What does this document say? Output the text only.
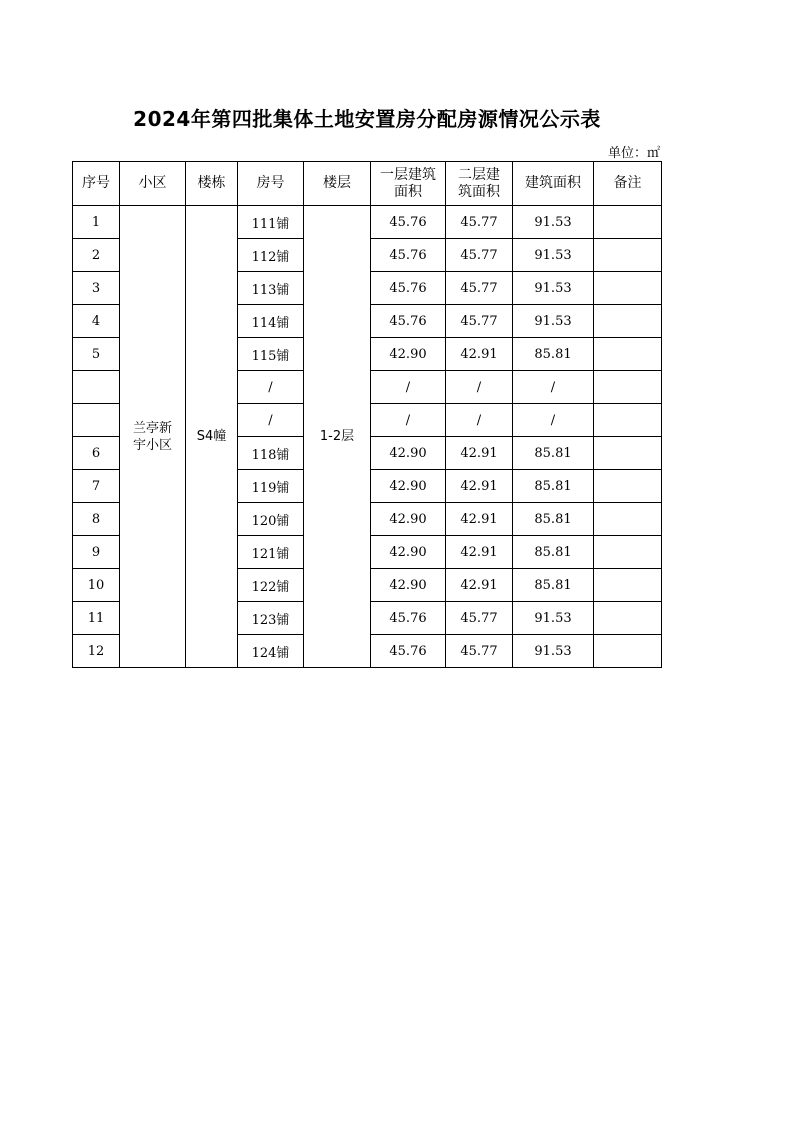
2024年第四批集体土地安置房分配房源情况公示表
单位：㎡
序号	小区	楼栋	房号	楼层	一层建筑面积	二层建筑面积	建筑面积	备注
1	兰亭新宇小区	S4幢	111铺	1-2层	45.76	45.77	91.53	
2			112铺		45.76	45.77	91.53	
3			113铺		45.76	45.77	91.53	
4			114铺		45.76	45.77	91.53	
5			115铺		42.90	42.91	85.81	
			/		/	/	/	
			/		/	/	/	
6			118铺		42.90	42.91	85.81	
7			119铺		42.90	42.91	85.81	
8			120铺		42.90	42.91	85.81	
9			121铺		42.90	42.91	85.81	
10			122铺		42.90	42.91	85.81	
11			123铺		45.76	45.77	91.53	
12			124铺		45.76	45.77	91.53	
